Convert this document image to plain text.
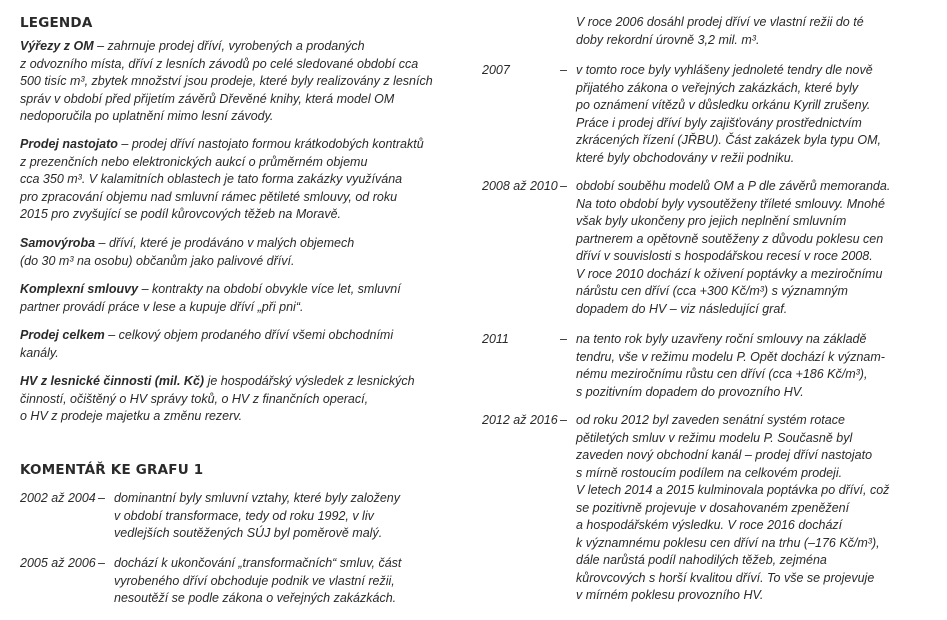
LEGENDA
Výřezy z OM – zahrnuje prodej dříví, vyrobených a prodaných
z odvozního místa, dříví z lesních závodů po celé sledované období cca
500 tisíc m³, zbytek množství jsou prodeje, které byly realizovány z lesních
správ v období před přijetím závěrů Dřevěné knihy, která model OM
nedoporučila po uplatnění mimo lesní závody.
Prodej nastojato – prodej dříví nastojato formou krátkodobých kontraktů
z prezenčních nebo elektronických aukcí o průměrném objemu
cca 350 m³. V kalamitních oblastech je tato forma zakázky využívána
pro zpracování objemu nad smluvní rámec pětileté smlouvy, od roku
2015 pro zvyšující se podíl kůrovcových těžeb na Moravě.
Samovýroba – dříví, které je prodáváno v malých objemech
(do 30 m³ na osobu) občanům jako palivové dříví.
Komplexní smlouvy – kontrakty na období obvykle více let, smluvní
partner provádí práce v lese a kupuje dříví „při pni“.
Prodej celkem – celkový objem prodaného dříví všemi obchodními
kanály.
HV z lesnické činnosti (mil. Kč) je hospodářský výsledek z lesnických
činností, očištěný o HV správy toků, o HV z finančních operací,
o HV z prodeje majetku a změnu rezerv.
KOMENTÁŘ KE GRAFU 1
2002 až 2004 – dominantní byly smluvní vztahy, které byly založeny
v období transformace, tedy od roku 1992, v liv
vedlejších soutěžených SÚJ byl poměrově malý.
2005 až 2006 – dochází k ukončování „transformačních“ smluv, část
vyrobeného dříví obchoduje podnik ve vlastní režii,
nesoutěží se podle zákona o veřejných zakázkách.
V roce 2006 dosáhl prodej dříví ve vlastní režii do té
doby rekordní úrovně 3,2 mil. m³.
2007	– v tomto roce byly vyhlášeny jednoleté tendry dle nově
přijatého zákona o veřejných zakázkách, které byly
po oznámení vítězů v důsledku orkánu Kyrill zrušeny.
Práce i prodej dříví byly zajišťovány prostřednictvím
zkrácených řízení (JŘBU). Část zakázek byla typu OM,
které byly obchodovány v režii podniku.
2008 až 2010 – období souběhu modelů OM a P dle závěrů memoranda.
Na toto období byly vysoutěženy tříleté smlouvy. Mnohé
však byly ukončeny pro jejich neplnění smluvním
partnerem a opětovně soutěženy z důvodu poklesu cen
dříví v souvislosti s hospodářskou recesí v roce 2008.
V roce 2010 dochází k oživení poptávky a meziročnímu
nárůstu cen dříví (cca +300 Kč/m³) s významným
dopadem do HV – viz následující graf.
2011	– na tento rok byly uzavřeny roční smlouvy na základě
tendru, vše v režimu modelu P. Opět dochází k význam-
nému meziročnímu růstu cen dříví (cca +186 Kč/m³),
s pozitivním dopadem do provozního HV.
2012 až 2016 – od roku 2012 byl zaveden senátní systém rotace
pětiletých smluv v režimu modelu P. Současně byl
zaveden nový obchodní kanál – prodej dříví nastojato
s mírně rostoucím podílem na celkovém prodeji.
V letech 2014 a 2015 kulminovala poptávka po dříví, což
se pozitivně projevuje v dosahovaném zpeněžení
a hospodářském výsledku. V roce 2016 dochází
k významnému poklesu cen dříví na trhu (–176 Kč/m³),
dále narůstá podíl nahodilých těžeb, zejména
kůrovcových s horší kvalitou dříví. To vše se projevuje
v mírném poklesu provozního HV.
